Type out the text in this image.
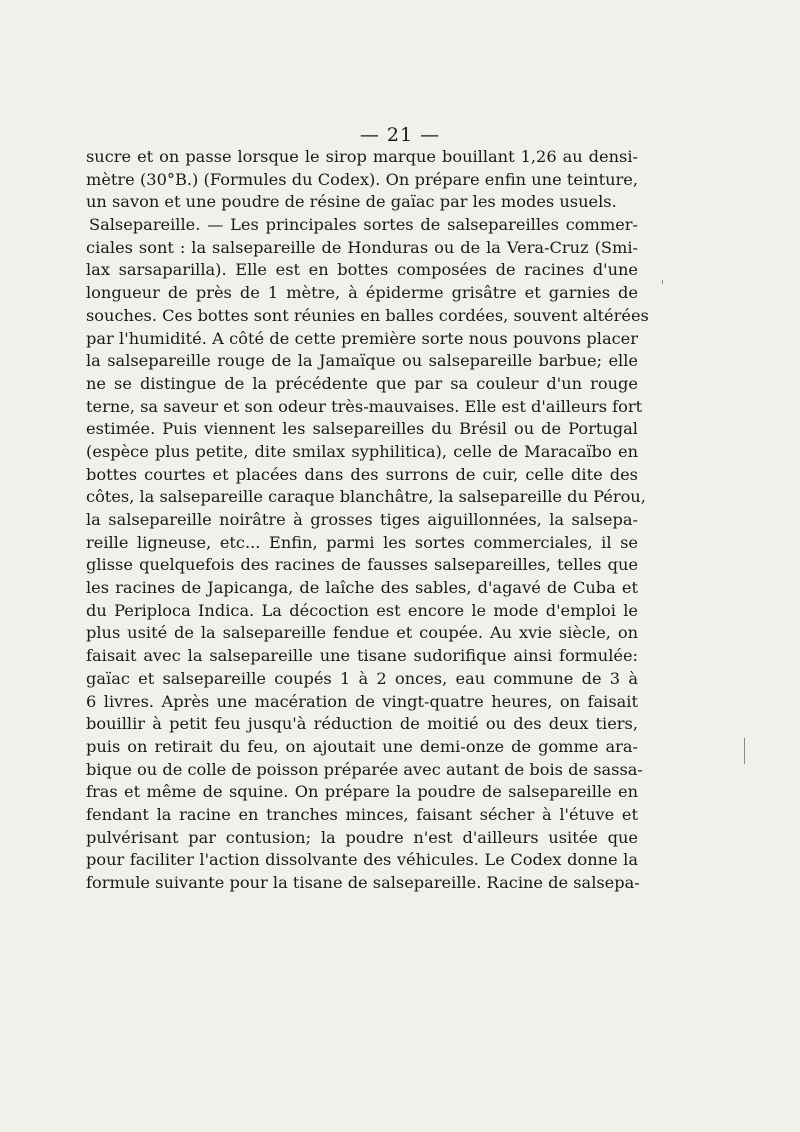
— 21 —
sucre et on passe lorsque le sirop marque bouillant 1,26 au densi-
mètre (30°B.) (Formules du Codex). On prépare enfin une teinture,
un savon et une poudre de résine de gaïac par les modes usuels.
Salsepareille. — Les principales sortes de salsepareilles commer-
ciales sont : la salsepareille de Honduras ou de la Vera-Cruz (Smi-
lax sarsaparilla). Elle est en bottes composées de racines d'une
longueur de près de 1 mètre, à épiderme grisâtre et garnies de
souches. Ces bottes sont réunies en balles cordées, souvent altérées
par l'humidité. A côté de cette première sorte nous pouvons placer
la salsepareille rouge de la Jamaïque ou salsepareille barbue; elle
ne se distingue de la précédente que par sa couleur d'un rouge
terne, sa saveur et son odeur très-mauvaises. Elle est d'ailleurs fort
estimée. Puis viennent les salsepareilles du Brésil ou de Portugal
(espèce plus petite, dite smilax syphilitica), celle de Maracaïbo en
bottes courtes et placées dans des surrons de cuir, celle dite des
côtes, la salsepareille caraque blanchâtre, la salsepareille du Pérou,
la salsepareille noirâtre à grosses tiges aiguillonnées, la salsepa-
reille ligneuse, etc... Enfin, parmi les sortes commerciales, il se
glisse quelquefois des racines de fausses salsepareilles, telles que
les racines de Japicanga, de laîche des sables, d'agavé de Cuba et
du Periploca Indica. La décoction est encore le mode d'emploi le
plus usité de la salsepareille fendue et coupée. Au xvie siècle, on
faisait avec la salsepareille une tisane sudorifique ainsi formulée:
gaïac et salsepareille coupés 1 à 2 onces, eau commune de 3 à
6 livres. Après une macération de vingt-quatre heures, on faisait
bouillir à petit feu jusqu'à réduction de moitié ou des deux tiers,
puis on retirait du feu, on ajoutait une demi-onze de gomme ara-
bique ou de colle de poisson préparée avec autant de bois de sassa-
fras et même de squine. On prépare la poudre de salsepareille en
fendant la racine en tranches minces, faisant sécher à l'étuve et
pulvérisant par contusion; la poudre n'est d'ailleurs usitée que
pour faciliter l'action dissolvante des véhicules. Le Codex donne la
formule suivante pour la tisane de salsepareille. Racine de salsepa-
